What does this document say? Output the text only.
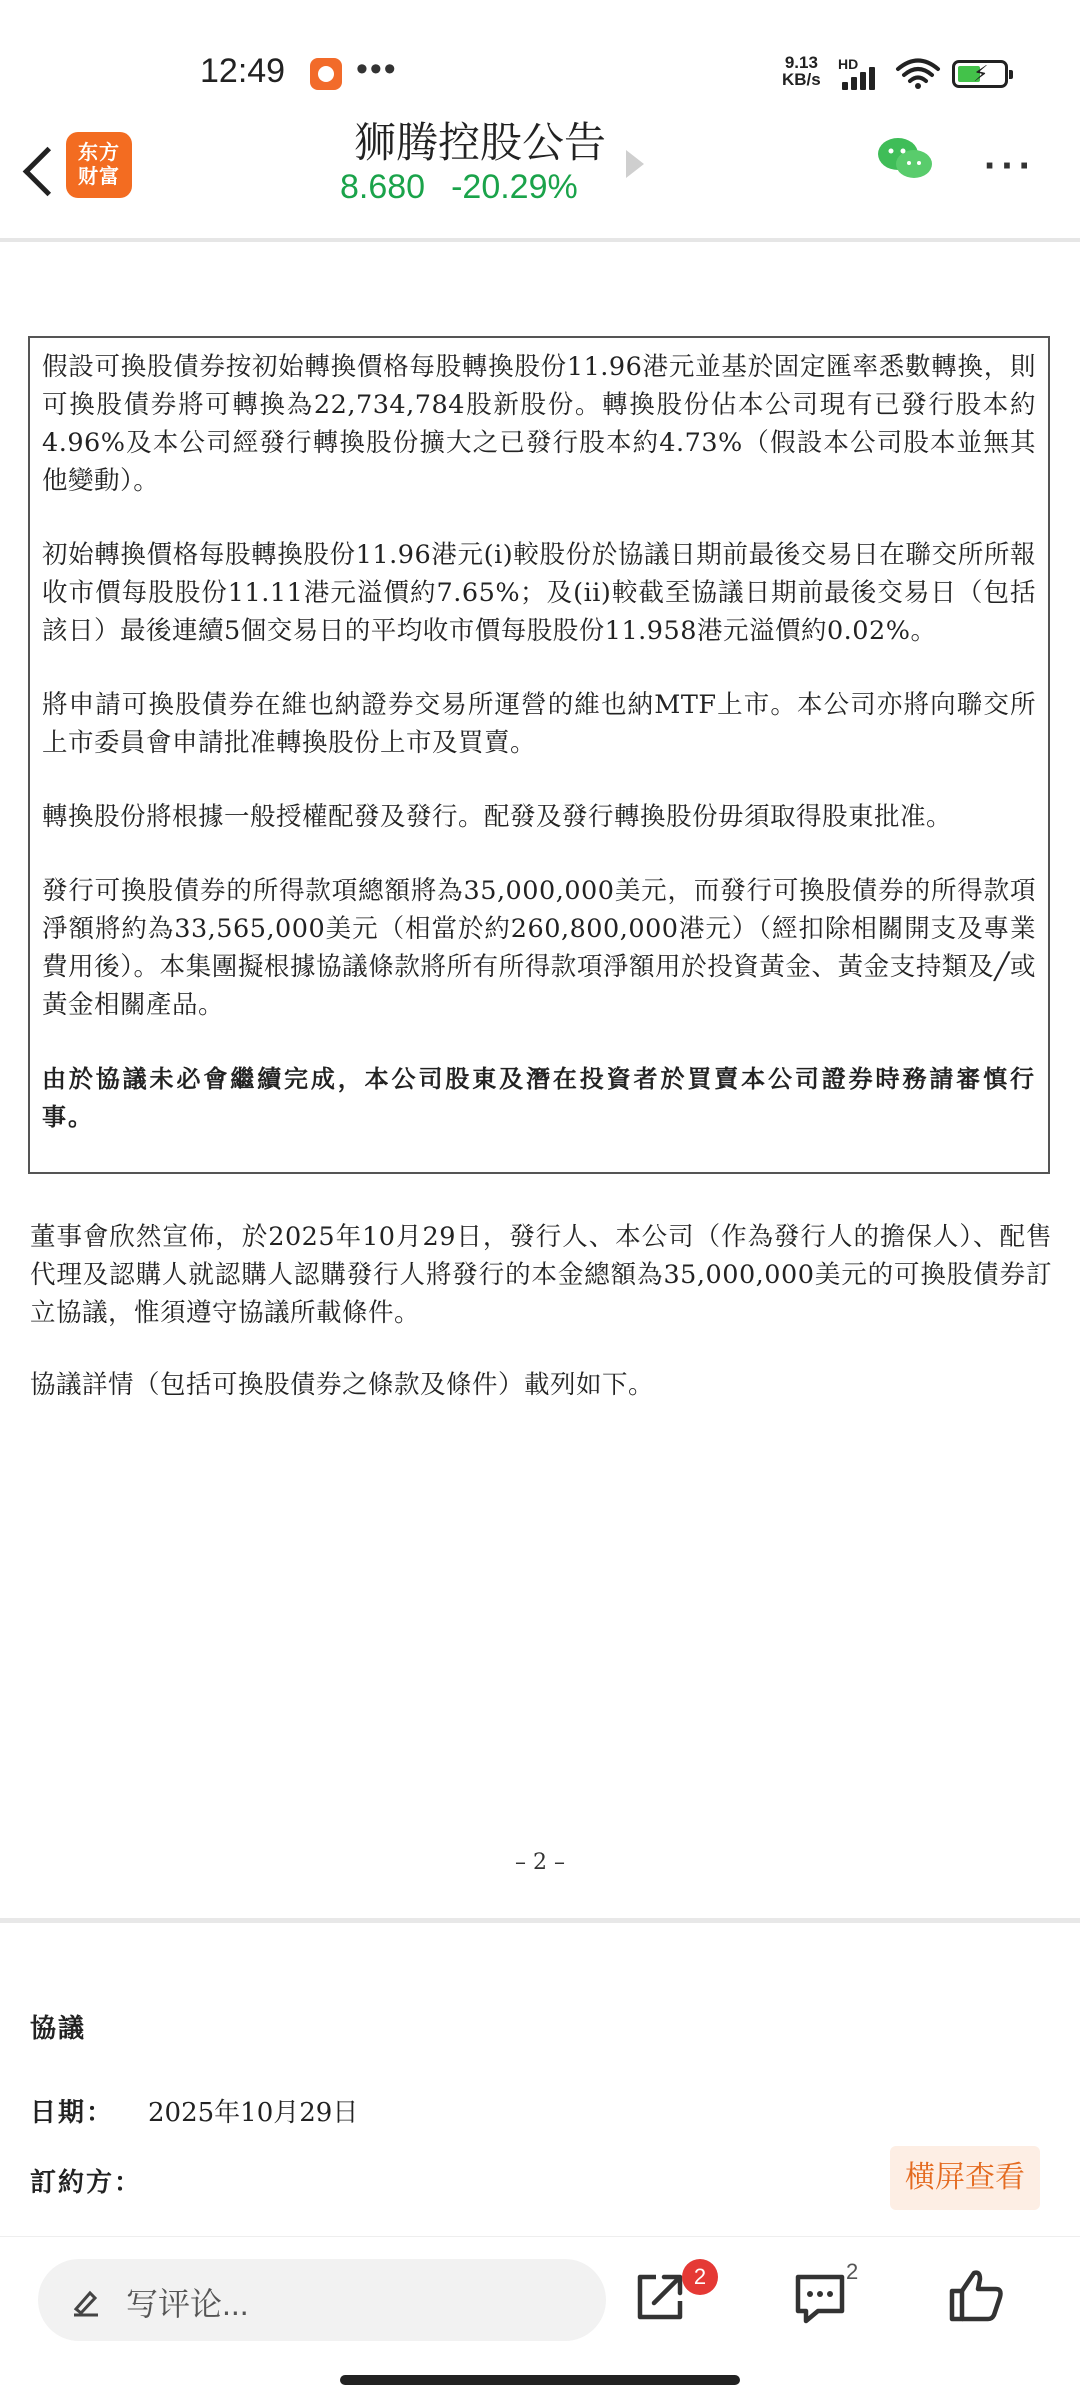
12:49 •••	9.13
KB/s
HD	⚡
东方
财富
狮腾控股公告
8.680 -20.29%	···

假設可換股債券按初始轉換價格每股轉換股份11.96港元並基於固定匯率悉數轉換，則可換股債券將可轉換為22,734,784股新股份。轉換股份佔本公司現有已發行股本約4.96%及本公司經發行轉換股份擴大之已發行股本約4.73%（假設本公司股本並無其他變動）。

初始轉換價格每股轉換股份11.96港元(i)較股份於協議日期前最後交易日在聯交所所報收市價每股股份11.11港元溢價約7.65%；及(ii)較截至協議日期前最後交易日（包括該日）最後連續5個交易日的平均收市價每股股份11.958港元溢價約0.02%。

將申請可換股債券在維也納證券交易所運營的維也納MTF上市。本公司亦將向聯交所上市委員會申請批准轉換股份上市及買賣。

轉換股份將根據一般授權配發及發行。配發及發行轉換股份毋須取得股東批准。

發行可換股債券的所得款項總額將為35,000,000美元，而發行可換股債券的所得款項淨額將約為33,565,000美元（相當於約260,800,000港元）（經扣除相關開支及專業費用後）。本集團擬根據協議條款將所有所得款項淨額用於投資黃金、黃金支持類及╱或黃金相關產品。

由於協議未必會繼續完成，本公司股東及潛在投資者於買賣本公司證券時務請審慎行事。

董事會欣然宣佈，於2025年10月29日，發行人、本公司（作為發行人的擔保人）、配售代理及認購人就認購人認購發行人將發行的本金總額為35,000,000美元的可換股債券訂立協議，惟須遵守協議所載條件。

協議詳情（包括可換股債券之條款及條件）載列如下。

– 2 –
協議
日期： 2025年10月29日
訂約方：	横屏查看
写评论...
2	2
